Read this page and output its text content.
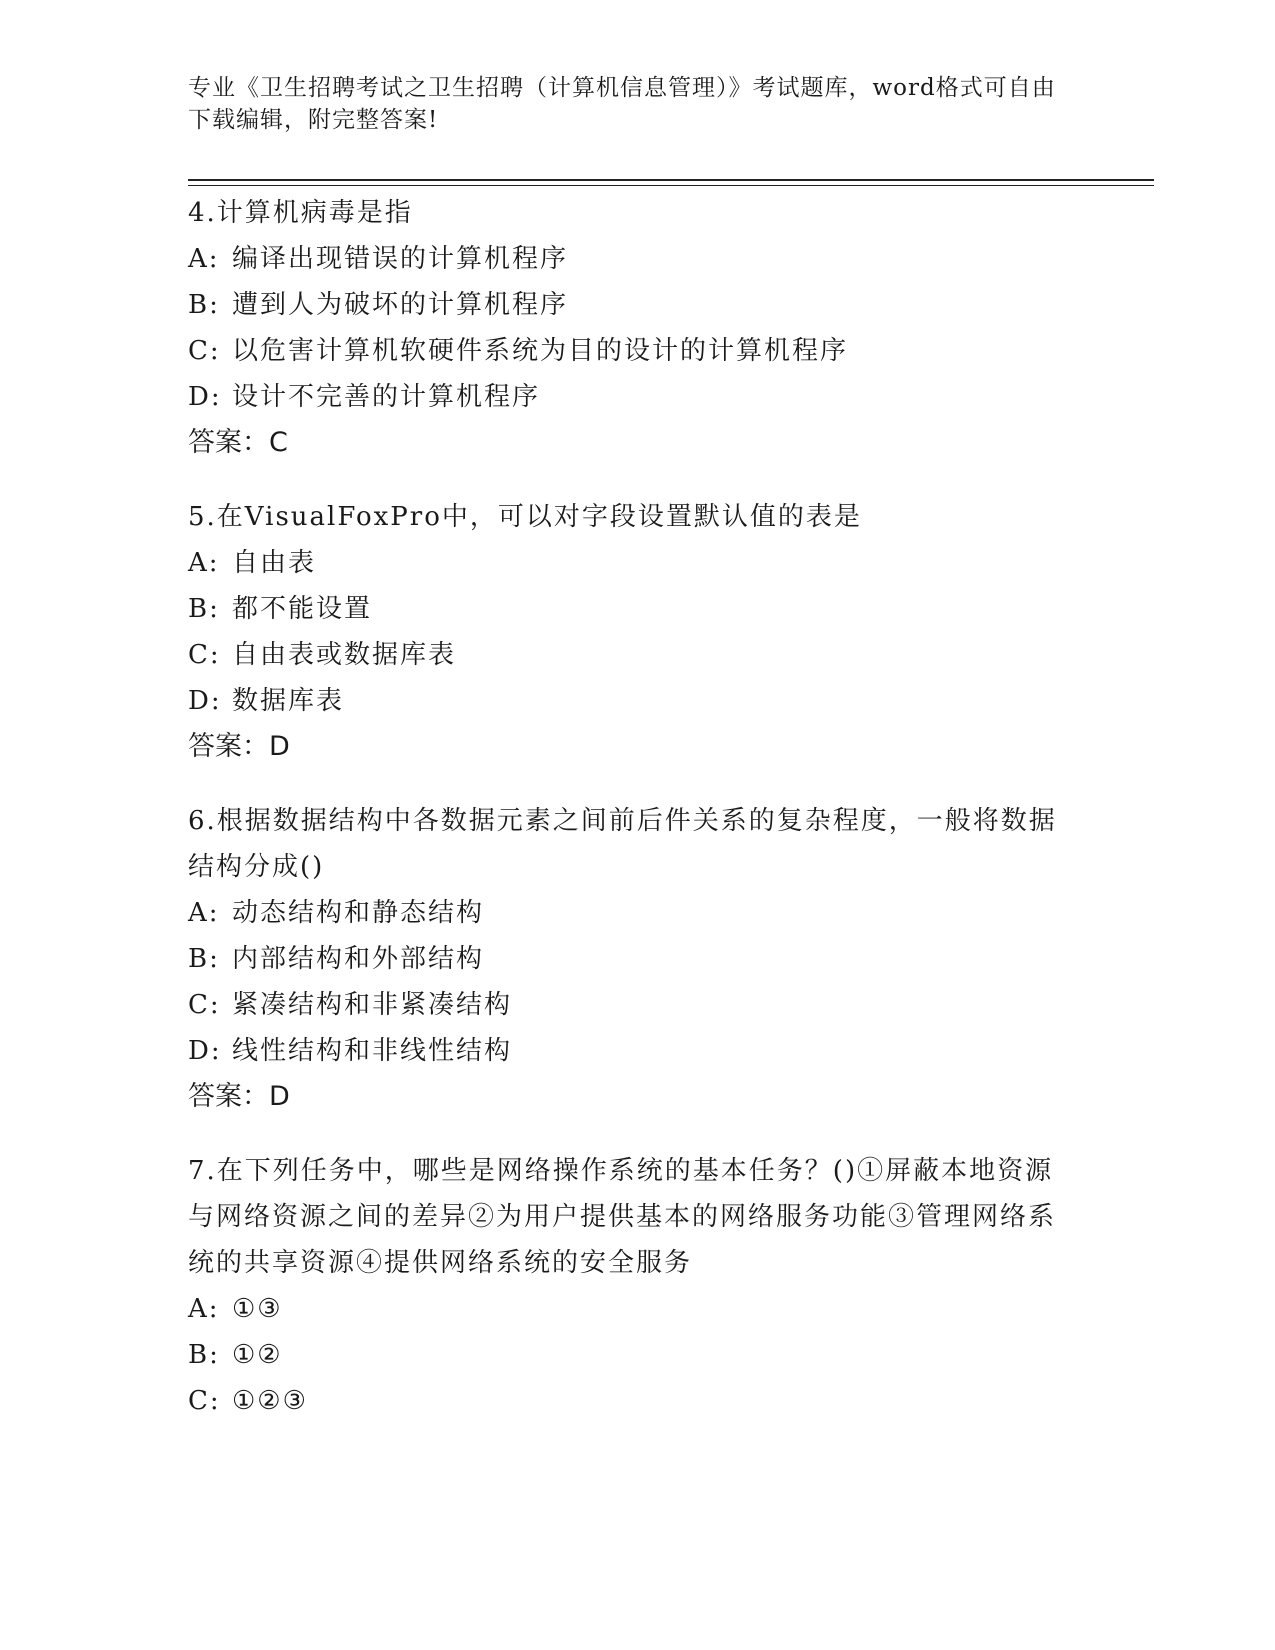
专业《卫生招聘考试之卫生招聘（计算机信息管理）》考试题库，word格式可自由下载编辑，附完整答案!

4.计算机病毒是指

A: 编译出现错误的计算机程序

B: 遭到人为破坏的计算机程序

C: 以危害计算机软硬件系统为目的设计的计算机程序

D: 设计不完善的计算机程序

答案：C

5.在VisualFoxPro中，可以对字段设置默认值的表是

A: 自由表

B: 都不能设置

C: 自由表或数据库表

D: 数据库表

答案：D

6.根据数据结构中各数据元素之间前后件关系的复杂程度，一般将数据结构分成()

A: 动态结构和静态结构

B: 内部结构和外部结构

C: 紧凑结构和非紧凑结构

D: 线性结构和非线性结构

答案：D

7.在下列任务中，哪些是网络操作系统的基本任务？()①屏蔽本地资源与网络资源之间的差异②为用户提供基本的网络服务功能③管理网络系统的共享资源④提供网络系统的安全服务

A: ①③

B: ①②

C: ①②③
